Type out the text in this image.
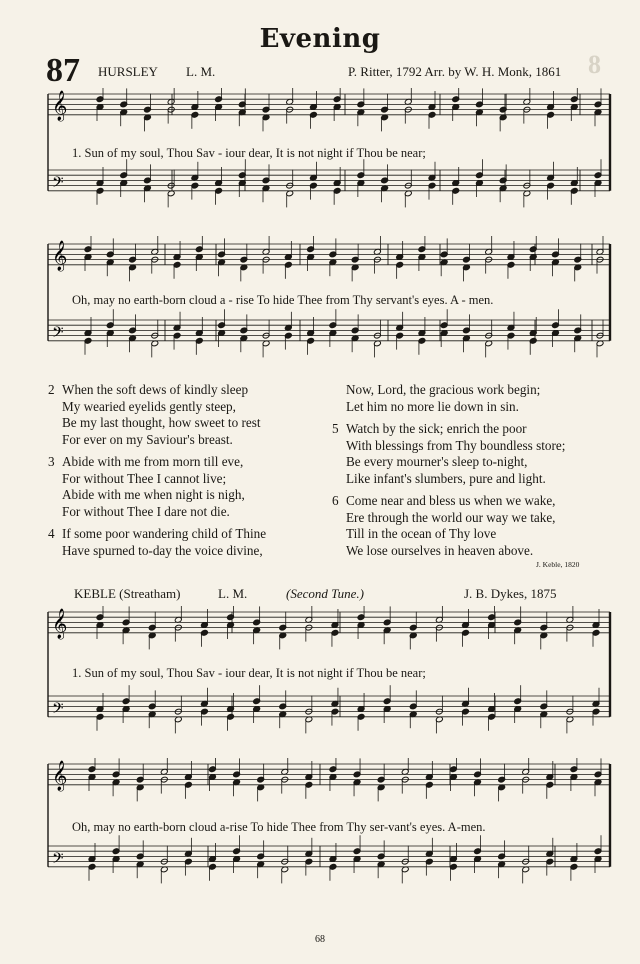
Evening
8
87 HURSLEY L. M.	P. Ritter, 1792 Arr. by W. H. Monk, 1861
𝄞
𝄢
1. Sun of my soul, Thou Sav - iour dear, It is not night if Thou be near;
𝄞
𝄢
Oh, may no earth-born cloud a - rise To hide Thee from Thy servant's eyes. A - men.
2 When the soft dews of kindly sleep
My wearied eyelids gently steep,
Be my last thought, how sweet to rest
For ever on my Saviour's breast.
3 Abide with me from morn till eve,
For without Thee I cannot live;
Abide with me when night is nigh,
For without Thee I dare not die.
4 If some poor wandering child of Thine
Have spurned to-day the voice divine,
Now, Lord, the gracious work begin;
Let him no more lie down in sin.
5 Watch by the sick; enrich the poor
With blessings from Thy boundless store;
Be every mourner's sleep to-night,
Like infant's slumbers, pure and light.
6 Come near and bless us when we wake,
Ere through the world our way we take,
Till in the ocean of Thy love
We lose ourselves in heaven above.
J. Keble, 1820
KEBLE (Streatham)	L. M.	(Second Tune.)	J. B. Dykes, 1875
𝄞
𝄢
1. Sun of my soul, Thou Sav - iour dear, It is not night if Thou be near;
𝄞
𝄢
Oh, may no earth-born cloud a-rise To hide Thee from Thy ser-vant's eyes. A-men.
68
